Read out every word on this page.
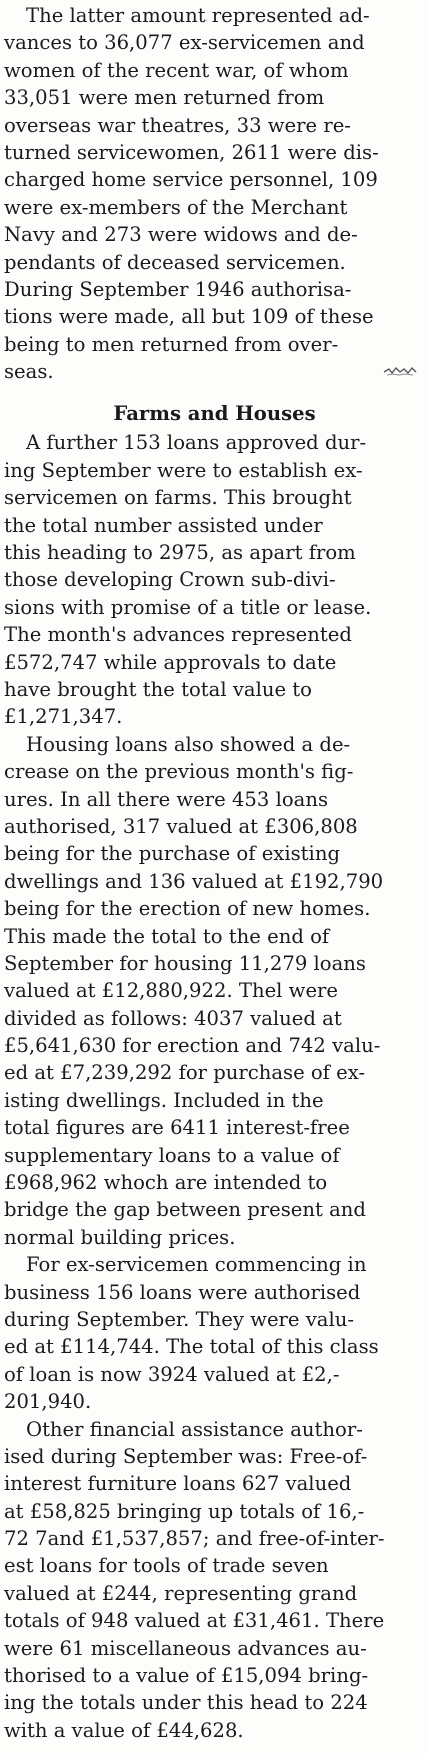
The latter amount represented ad-
vances to 36,077 ex-servicemen and
women of the recent war, of whom
33,051 were men returned from
overseas war theatres, 33 were re-
turned servicewomen, 2611 were dis-
charged home service personnel, 109
were ex-members of the Merchant
Navy and 273 were widows and de-
pendants of deceased servicemen.
During September 1946 authorisa-
tions were made, all but 109 of these
being to men returned from over-
seas.
Farms and Houses
A further 153 loans approved dur-
ing September were to establish ex-
servicemen on farms. This brought
the total number assisted under
this heading to 2975, as apart from
those developing Crown sub-divi-
sions with promise of a title or lease.
The month's advances represented
£572,747 while approvals to date
have brought the total value to
£1,271,347.
Housing loans also showed a de-
crease on the previous month's fig-
ures. In all there were 453 loans
authorised, 317 valued at £306,808
being for the purchase of existing
dwellings and 136 valued at £192,790
being for the erection of new homes.
This made the total to the end of
September for housing 11,279 loans
valued at £12,880,922. Thel were
divided as follows: 4037 valued at
£5,641,630 for erection and 742 valu-
ed at £7,239,292 for purchase of ex-
isting dwellings. Included in the
total figures are 6411 interest-free
supplementary loans to a value of
£968,962 whoch are intended to
bridge the gap between present and
normal building prices.
For ex-servicemen commencing in
business 156 loans were authorised
during September. They were valu-
ed at £114,744. The total of this class
of loan is now 3924 valued at £2,-
201,940.
Other financial assistance author-
ised during September was: Free-of-
interest furniture loans 627 valued
at £58,825 bringing up totals of 16,-
72 7and £1,537,857; and free-of-inter-
est loans for tools of trade seven
valued at £244, representing grand
totals of 948 valued at £31,461. There
were 61 miscellaneous advances au-
thorised to a value of £15,094 bring-
ing the totals under this head to 224
with a value of £44,628.
